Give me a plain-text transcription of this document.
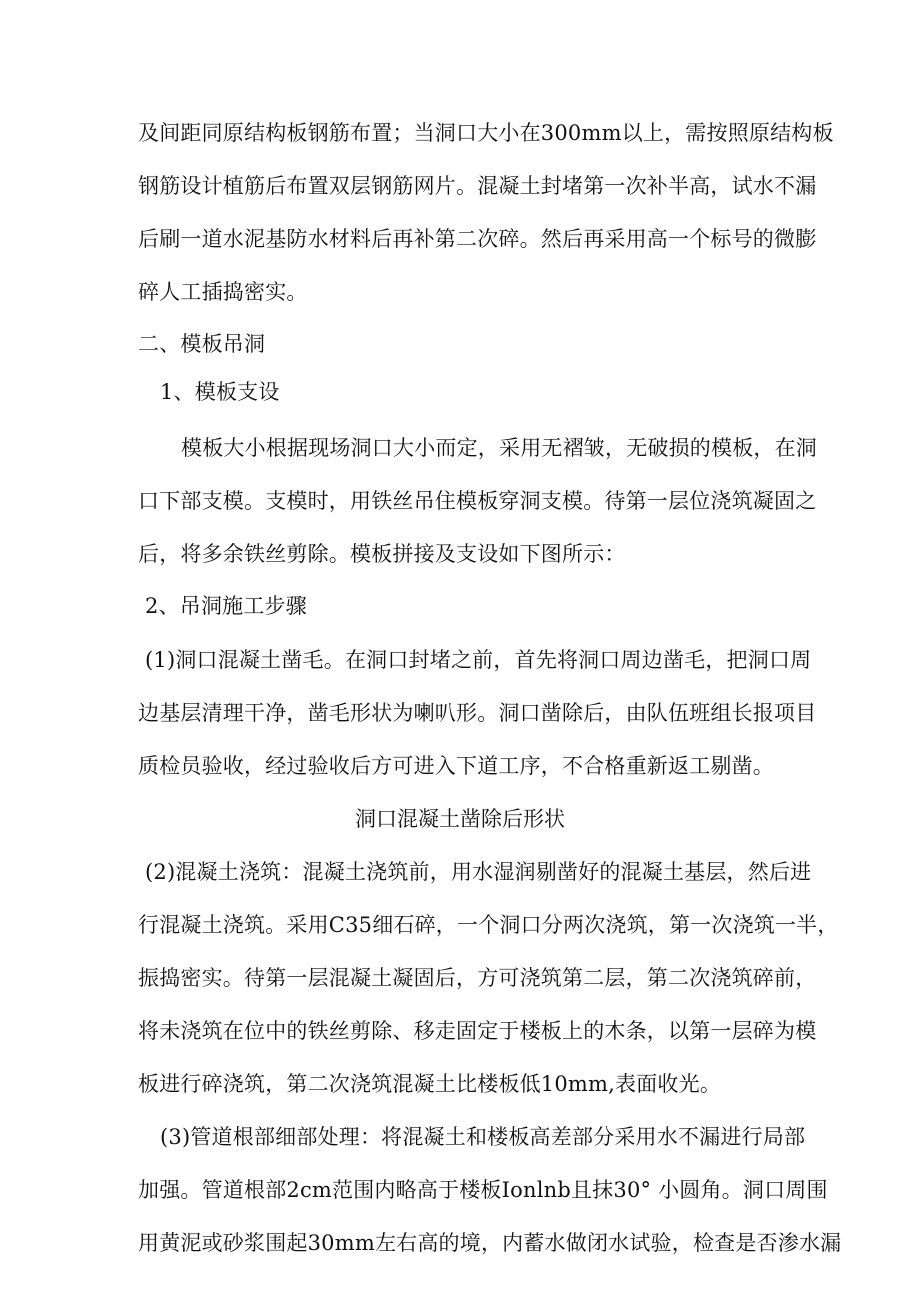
及间距同原结构板钢筋布置；当洞口大小在300mm以上，需按照原结构板
钢筋设计植筋后布置双层钢筋网片。混凝土封堵第一次补半高，试水不漏
后刷一道水泥基防水材料后再补第二次碎。然后再采用高一个标号的微膨
碎人工插捣密实。
二、模板吊洞
1、模板支设
模板大小根据现场洞口大小而定，采用无褶皱，无破损的模板，在洞
口下部支模。支模时，用铁丝吊住模板穿洞支模。待第一层位浇筑凝固之
后，将多余铁丝剪除。模板拼接及支设如下图所示：
2、吊洞施工步骤
(1)洞口混凝土凿毛。在洞口封堵之前，首先将洞口周边凿毛，把洞口周
边基层清理干净，凿毛形状为喇叭形。洞口凿除后，由队伍班组长报项目
质检员验收，经过验收后方可进入下道工序，不合格重新返工剔凿。
洞口混凝土凿除后形状
(2)混凝土浇筑：混凝土浇筑前，用水湿润剔凿好的混凝土基层，然后进
行混凝土浇筑。采用C35细石碎，一个洞口分两次浇筑，第一次浇筑一半，
振捣密实。待第一层混凝土凝固后，方可浇筑第二层，第二次浇筑碎前，
将未浇筑在位中的铁丝剪除、移走固定于楼板上的木条，以第一层碎为模
板进行碎浇筑，第二次浇筑混凝土比楼板低10mm,表面收光。
(3)管道根部细部处理：将混凝土和楼板高差部分采用水不漏进行局部
加强。管道根部2cm范围内略高于楼板Ionlnb且抹30° 小圆角。洞口周围
用黄泥或砂浆围起30mm左右高的境，内蓄水做闭水试验，检查是否渗水漏
